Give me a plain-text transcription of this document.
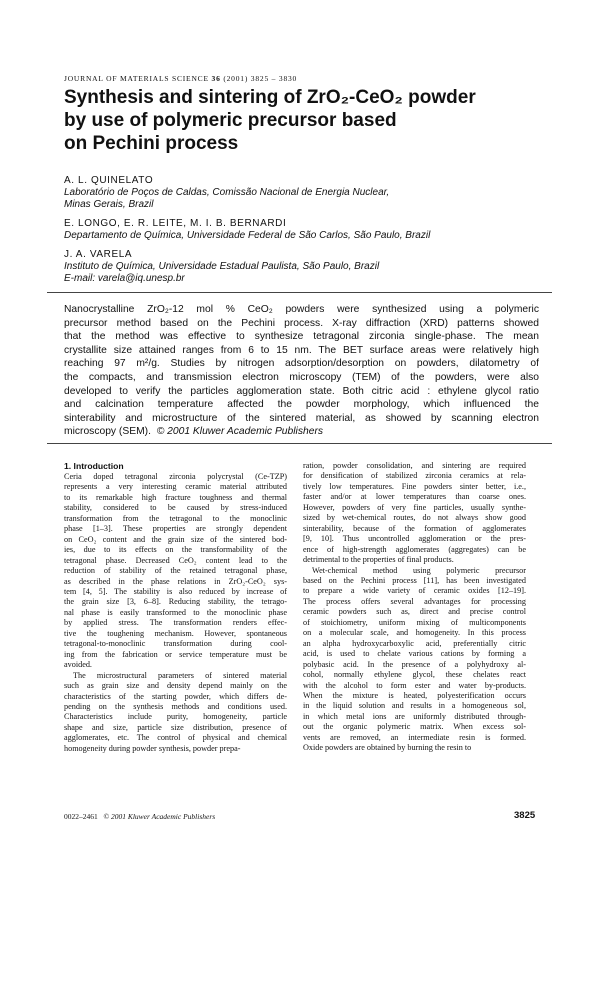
JOURNAL OF MATERIALS SCIENCE 36 (2001) 3825 – 3830
Synthesis and sintering of ZrO₂-CeO₂ powder
by use of polymeric precursor based
on Pechini process
A. L. QUINELATO
Laboratório de Poços de Caldas, Comissão Nacional de Energia Nuclear,
Minas Gerais, Brazil
E. LONGO, E. R. LEITE, M. I. B. BERNARDI
Departamento de Química, Universidade Federal de São Carlos, São Paulo, Brazil
J. A. VARELA
Instituto de Química, Universidade Estadual Paulista, São Paulo, Brazil
E-mail: varela@iq.unesp.br
Nanocrystalline ZrO₂-12 mol % CeO₂ powders were synthesized using a polymeric
precursor method based on the Pechini process. X-ray diffraction (XRD) patterns showed
that the method was effective to synthesize tetragonal zirconia single-phase. The mean
crystallite size attained ranges from 6 to 15 nm. The BET surface areas were relatively high
reaching 97 m²/g. Studies by nitrogen adsorption/desorption on powders, dilatometry of
the compacts, and transmission electron microscopy (TEM) of the powders, were also
developed to verify the particles agglomeration state. Both citric acid : ethylene glycol ratio
and calcination temperature affected the powder morphology, which influenced the
sinterability and microstructure of the sintered material, as showed by scanning electron
microscopy (SEM). © 2001 Kluwer Academic Publishers
1. Introduction
Ceria doped tetragonal zirconia polycrystal (Ce-TZP)
represents a very interesting ceramic material attributed
to its remarkable high fracture toughness and thermal
stability, considered to be caused by stress-induced
transformation from the tetragonal to the monoclinic
phase [1–3]. These properties are strongly dependent
on CeO₂ content and the grain size of the sintered bod-
ies, due to its effects on the transformability of the
tetragonal phase. Decreased CeO₂ content lead to the
reduction of stability of the retained tetragonal phase,
as described in the phase relations in ZrO₂-CeO₂ sys-
tem [4, 5]. The stability is also reduced by increase of
the grain size [3, 6–8]. Reducing stability, the tetrago-
nal phase is easily transformed to the monoclinic phase
by applied stress. The transformation renders effec-
tive the toughening mechanism. However, spontaneous
tetragonal-to-monoclinic transformation during cool-
ing from the fabrication or service temperature must be
avoided.
The microstructural parameters of sintered material
such as grain size and density depend mainly on the
characteristics of the starting powder, which differs de-
pending on the synthesis methods and conditions used.
Characteristics include purity, homogeneity, particle
shape and size, particle size distribution, presence of
agglomerates, etc. The control of physical and chemical
homogeneity during powder synthesis, powder prepa-
ration, powder consolidation, and sintering are required
for densification of stabilized zirconia ceramics at rela-
tively low temperatures. Fine powders sinter better, i.e.,
faster and/or at lower temperatures than coarse ones.
However, powders of very fine particles, usually synthe-
sized by wet-chemical routes, do not always show good
sinterability, because of the formation of agglomerates
[9, 10]. Thus uncontrolled agglomeration or the pres-
ence of high-strength agglomerates (aggregates) can be
detrimental to the properties of final products.
Wet-chemical method using polymeric precursor
based on the Pechini process [11], has been investigated
to prepare a wide variety of ceramic oxides [12–19].
The process offers several advantages for processing
ceramic powders such as, direct and precise control
of stoichiometry, uniform mixing of multicomponents
on a molecular scale, and homogeneity. In this process
an alpha hydroxycarboxylic acid, preferentially citric
acid, is used to chelate various cations by forming a
polybasic acid. In the presence of a polyhydroxy al-
cohol, normally ethylene glycol, these chelates react
with the alcohol to form ester and water by-products.
When the mixture is heated, polyesterification occurs
in the liquid solution and results in a homogeneous sol,
in which metal ions are uniformly distributed through-
out the organic polymeric matrix. When excess sol-
vents are removed, an intermediate resin is formed.
Oxide powders are obtained by burning the resin to
0022–2461 © 2001 Kluwer Academic Publishers	3825
